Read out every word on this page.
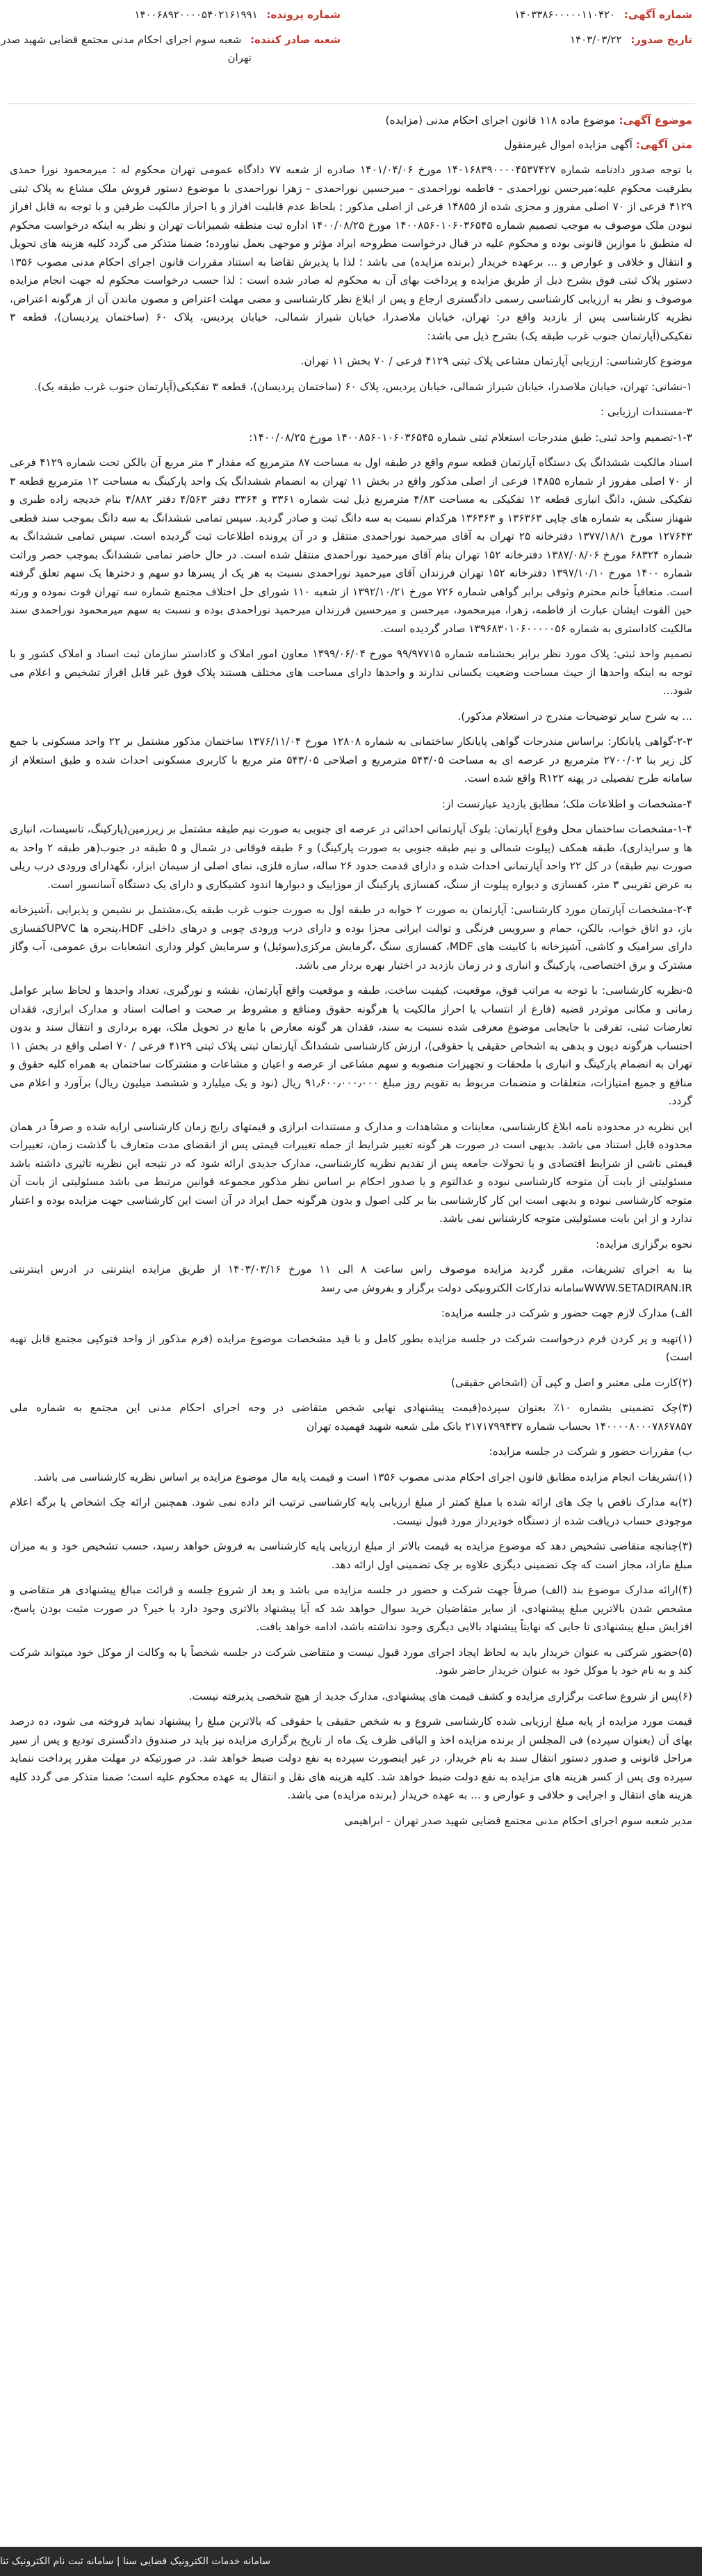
شماره آگهی: ۱۴۰۳۳۸۶۰۰۰۰۰۱۱۰۴۲۰
شماره پرونده: ۱۴۰۰۶۸۹۲۰۰۰۰۵۴۰۲۱۶۱۹۹۱
تاریخ صدور: ۱۴۰۳/۰۳/۲۲
شعبه صادر کننده: شعبه سوم اجرای احکام مدنی مجتمع قضایی شهید صدر
تهران

موضوع آگهی: موضوع ماده ۱۱۸ قانون اجرای احکام مدنی (مزایده)

متن آگهی: آگهی مزایده اموال غیرمنقول

با توجه صدور دادنامه شماره ۱۴۰۱۶۸۳۹۰۰۰۰۴۵۳۷۴۲۷ مورخ ۱۴۰۱/۰۴/۰۶ صادره از شعبه ۷۷ دادگاه عمومی تهران محکوم له : میرمحمود نورا حمدی بطرفیت محکوم علیه:میرحسن نوراحمدی - فاطمه نوراحمدی - میرحسین نوراحمدی - زهرا نوراحمدی با موضوع دستور فروش ملک مشاع به پلاک ثبتی ۴۱۲۹ فرعی از ۷۰ اصلی مفروز و مجزی شده از ۱۴۸۵۵ فرعی از اصلی مذکور ; بلحاظ عدم قابلیت افراز و یا احراز مالکیت طرفین و با توجه به قابل افراز نبودن ملک موصوف به موجب تصمیم شماره ۱۴۰۰۸۵۶۰۱۰۶۰۳۶۵۴۵ مورخ ۱۴۰۰/۰۸/۲۵ اداره ثبت منطقه شمیرانات تهران و نظر به اینکه درخواست محکوم له منطبق با موازین قانونی بوده و محکوم علیه در قبال درخواست مطروحه ایراد مؤثر و موجهی بعمل نیاورده؛ ضمنا متذکر می گردد کلیه هزینه های تحویل و انتقال و خلافی و عوارض و ... برعهده خریدار (برنده مزایده) می باشد ؛ لذا با پذیرش تقاضا به استناد مقررات قانون اجرای احکام مدنی مصوب ۱۳۵۶ دستور پلاک ثبتی فوق بشرح ذیل از طریق مزایده و پرداخت بهای آن به محکوم له صادر شده است : لذا حسب درخواست محکوم له جهت انجام مزایده موصوف و نظر به ارزیابی کارشناسی رسمی دادگستری ارجاع و پس از ابلاغ نظر کارشناسی و مضی مهلت اعتراض و مصون ماندن آن از هرگونه اعتراض، نظریه کارشناسی پس از بازدید واقع در: تهران، خیابان ملاصدرا، خیابان شیراز شمالی، خیابان پردیس، پلاک ۶۰ (ساختمان پردیسان)، قطعه ۳ تفکیکی(آپارتمان جنوب غرب طبقه یک) بشرح ذیل می باشد:

موضوع کارشناسی: ارزیابی آپارتمان مشاعی پلاک ثبتی ۴۱۲۹ فرعی / ۷۰ بخش ۱۱ تهران.

۱-نشانی: تهران، خیابان ملاصدرا، خیابان شیراز شمالی، خیابان پردیس، پلاک ۶۰ (ساختمان پردیسان)، قطعه ۳ تفکیکی(آپارتمان جنوب غرب طبقه یک).

۳-مستندات ارزیابی :

۱-۳-تصمیم واحد ثبتی: طبق مندرجات استعلام ثبتی شماره ۱۴۰۰۸۵۶۰۱۰۶۰۳۶۵۴۵ مورخ ۱۴۰۰/۰۸/۲۵:

اسناد مالکیت ششدانگ یک دستگاه آپارتمان قطعه سوم واقع در طبقه اول به مساحت ۸۷ مترمربع که مقدار ۳ متر مربع آن بالکن تحت شماره ۴۱۲۹ فرعی از ۷۰ اصلی مفروز از شماره ۱۴۸۵۵ فرعی از اصلی مذکور واقع در بخش ۱۱ تهران به انضمام ششدانگ یک واحد پارکینگ به مساحت ۱۲ مترمربع قطعه ۳ تفکیکی شش، دانگ انباری قطعه ۱۲ تفکیکی به مساحت ۴/۸۳ مترمربع ذیل ثبت شماره ۳۳۶۱ و ۳۳۶۴ دفتر ۴/۵۶۳ دفتر ۴/۸۸۲ بنام خدیجه زاده طبری و شهناز سنگی به شماره های چاپی ۱۳۶۳۶۳ و ۱۳۶۳۶۳ هرکدام نسبت به سه دانگ ثبت و صادر گردید. سپس تمامی ششدانگ به سه دانگ بموجب سند قطعی ۱۲۷۶۴۳ مورخ ۱۳۷۷/۱۸/۱ دفترخانه ۲۵ تهران به آقای میرحمید نوراحمدی منتقل و در آن پرونده اطلاعات ثبت گردیده است. سپس تمامی ششدانگ به شماره ۶۸۳۲۴ مورخ ۱۳۸۷/۰۸/۰۶ دفترخانه ۱۵۲ تهران بنام آقای میرحمید نوراحمدی منتقل شده است. در حال حاضر تمامی ششدانگ بموجب حصر وراثت شماره ۱۴۰۰ مورخ ۱۳۹۷/۱۰/۱۰ دفترخانه ۱۵۲ تهران فرزندان آقای میرحمید نوراحمدی نسبت به هر یک از پسرها دو سهم و دخترها یک سهم تعلق گرفته است. متعاقباً خانم محترم وثوقی برابر گواهی شماره ۷۲۶ مورخ ۱۳۹۲/۱۰/۲۱ از شعبه ۱۱۰ شورای حل اختلاف مجتمع شماره سه تهران فوت نموده و ورثه حین الفوت ایشان عبارت از فاطمه، زهرا، میرمحمود، میرحسن و میرحسین فرزندان میرحمید نوراحمدی بوده و نسبت به سهم میرمحمود نوراحمدی سند مالکیت کاداستری به شماره ۱۳۹۶۸۳۰۱۰۶۰۰۰۰۰۵۶ صادر گردیده است.

تصمیم واحد ثبتی: پلاک مورد نظر برابر بخشنامه شماره ۹۹/۹۷۷۱۵ مورخ ۱۳۹۹/۰۶/۰۴ معاون امور املاک و کاداستر سازمان ثبت اسناد و املاک کشور و با توجه به اینکه واحدها از حیث مساحت وضعیت یکسانی ندارند و واحدها دارای مساحت های مختلف هستند پلاک فوق غیر قابل افراز تشخیص و اعلام می شود...

... به شرح سایر توضیحات مندرج در استعلام مذکور).

۲-۳-گواهی پایانکار: براساس مندرجات گواهی پایانکار ساختمانی به شماره ۱۲۸۰۸ مورخ ۱۳۷۶/۱۱/۰۴ ساختمان مذکور مشتمل بر ۲۲ واحد مسکونی با جمع کل زیر بنا ۲۷۰۰/۰۲ مترمربع در عرصه ای به مساحت ۵۴۳/۰۵ مترمربع و اصلاحی ۵۴۳/۰۵ متر مربع با کاربری مسکونی احداث شده و طبق استعلام از سامانه طرح تفصیلی در پهنه R۱۲۲ واقع شده است.

۴-مشخصات و اطلاعات ملک؛ مطابق بازدید عبارتست از:

۱-۴-مشخصات ساختمان محل وقوع آپارتمان: بلوک آپارتمانی احداثی در عرصه ای جنوبی به صورت نیم طبقه مشتمل بر زیرزمین(پارکینگ، تاسیسات، انباری ها و سرایداری)، طبقه همکف (پیلوت شمالی و نیم طبقه جنوبی به صورت پارکینگ) و ۶ طبقه فوقانی در شمال و ۵ طبقه در جنوب(هر طبقه ۲ واحد به صورت نیم طبقه) در کل ۲۲ واحد آپارتمانی احداث شده و دارای قدمت حدود ۲۶ ساله، سازه فلزی، نمای اصلی از سیمان ابزار، نگهدارای ورودی درب ریلی به عرض تقریبی ۳ متر، کفسازی و دیواره پیلوت از سنگ، کفسازی پارکینگ از موزاییک و دیوارها اندود کشیکاری و دارای یک دستگاه آسانسور است.

۲-۴-مشخصات آپارتمان مورد کارشناسی: آپارتمان به صورت ۲ خوابه در طبقه اول به صورت جنوب غرب طبقه یک،مشتمل بر نشیمن و پذیرایی ،آشپزخانه باز، دو اتاق خواب، بالکن، حمام و سرویس فرنگی و توالت ایرانی مجزا بوده و دارای درب ورودی چوبی و درهای داخلی HDF،پنجره ها UPVCکفسازی دارای سرامیک و کاشی، آشپزخانه با کابینت های MDF، کفسازی سنگ ،گرمایش مرکزی(سوئیل) و سرمایش کولر وداری انشعابات برق عمومی، آب وگاز مشترک و برق اختصاصی، پارکینگ و انباری و در زمان بازدید در اختیار بهره بردار می باشد.

۵-نظریه کارشناسی: با توجه به مراتب فوق، موقعیت، کیفیت ساخت، طبقه و موقعیت واقع آپارتمان، نقشه و نورگیری، تعداد واحدها و لحاظ سایر عوامل زمانی و مکانی موثردر قضیه (فارغ از انتساب یا احراز مالکیت یا هرگونه حقوق ومنافع و مشروط بر صحت و اصالت اسناد و مدارک ابرازی، فقدان تعارضات ثبتی، تفرقی با جایجابی موضوع معرفی شده نسبت به سند، فقدان هر گونه معارض با مانع در تحویل ملک، بهره برداری و انتقال سند و بدون احتساب هرگونه دیون و بدهی به اشخاص حقیقی یا حقوقی)، ارزش کارشناسی ششدانگ آپارتمان ثبتی پلاک ثبتی ۴۱۲۹ فرعی / ۷۰ اصلی واقع در بخش ۱۱ تهران به انضمام پارکینگ و انباری با ملحقات و تجهیزات منصوبه و سهم مشاعی از عرصه و اعیان و مشاعات و مشترکات ساختمان به همراه کلیه حقوق و منافع و جمیع امتیازات، متعلقات و منضمات مربوط به تقویم روز مبلغ ۹۱٫۶۰۰٫۰۰۰٫۰۰۰ ریال (نود و یک میلیارد و ششصد میلیون ریال) برآورد و اعلام می گردد.

این نظریه در محدوده نامه ابلاغ کارشناسی، معاینات و مشاهدات و مدارک و مستندات ابرازی و قیمتهای رایج زمان کارشناسی ارایه شده و صرفاً در همان محدوده قابل استناد می باشد. بدیهی است در صورت هر گونه تغییر شرایط از جمله تغییرات قیمتی پس از انقضای مدت متعارف با گذشت زمان، تغییرات قیمتی ناشی از شرایط اقتصادی و یا تحولات جامعه پس از تقدیم نظریه کارشناسی، مدارک جدیدی ارائه شود که در نتیجه این نظریه تاثیری داشته باشد مسئولیتی از بابت آن متوجه کارشناسی نبوده و عدالتوم و یا صدور احکام بر اساس نظر مذکور مجموعه قوانین مرتبط می باشد مسئولیتی از بابت آن متوجه کارشناسی نبوده و بدیهی است این کار کارشناسی بنا بر کلی اصول و بدون هرگونه حمل ایراد در آن است این کارشناسی جهت مزایده بوده و اعتبار ندارد و از این بابت مسئولیتی متوجه کارشناس نمی باشد.

نحوه برگزاری مزایده:

بنا به اجرای تشریفات، مقرر گردید مزایده موصوف راس ساعت ۸ الی ۱۱ مورخ ۱۴۰۳/۰۳/۱۶ از طریق مزایده اینترنتی در ادرس اینترنتی WWW.SETADIRAN.IRسامانه تدارکات الکترونیکی دولت برگزار و بفروش می رسد

الف) مدارک لازم جهت حضور و شرکت در جلسه مزایده:

(۱)تهیه و پر کردن فرم درخواست شرکت در جلسه مزایده بطور کامل و با قید مشخصات موضوع مزایده (فرم مذکور از واحد فتوکپی مجتمع قابل تهیه است)

(۲)کارت ملی معتبر و اصل و کپی آن (اشخاص حقیقی)

(۳)چک تضمینی بشماره ۱۰٪ بعنوان سپرده(قیمت پیشنهادی نهایی شخص متقاضی در وجه اجرای احکام مدنی این مجتمع به شماره ملی ۱۴۰۰۰۰۸۰۰۰۷۸۶۷۸۵۷ بحساب شماره ۲۱۷۱۷۹۹۴۳۷ بانک ملی شعبه شهید فهمیده تهران

ب) مقررات حضور و شرکت در جلسه مزایده:

(۱)تشریفات انجام مزایده مطابق قانون اجرای احکام مدنی مصوب ۱۳۵۶ است و قیمت پایه مال موضوع مزایده بر اساس نظریه کارشناسی می باشد.

(۲)به مدارک ناقص یا چک های ارائه شده با مبلغ کمتر از مبلغ ارزیابی پایه کارشناسی ترتیب اثر داده نمی شود. همچنین ارائه چک اشخاص یا برگه اعلام موجودی حساب دریافت شده از دستگاه خودپرداز مورد قبول نیست.

(۳)چنانچه متقاضی تشخیص دهد که موضوع مزایده به قیمت بالاتر از مبلغ ارزیابی پایه کارشناسی به فروش خواهد رسید، حسب تشخیص خود و به میزان مبلغ مازاد، مجاز است که چک تضمینی دیگری علاوه بر چک تضمینی اول ارائه دهد.

(۴)ارائه مدارک موضوع بند (الف) صرفاً جهت شرکت و حضور در جلسه مزایده می باشد و بعد از شروع جلسه و قرائت مبالغ پیشنهادی هر متقاضی و مشخص شدن بالاترین مبلغ پیشنهادی، از سایر متقاضیان خرید سوال خواهد شد که آیا پیشنهاد بالاتری وجود دارد یا خیر؟ در صورت مثبت بودن پاسخ، افزایش مبلغ پیشنهادی تا جایی که نهایتاً پیشنهاد بالایی دیگری وجود نداشته باشد، ادامه خواهد یافت.

(۵)حضور شرکتی به عنوان خریدار باید به لحاظ ایجاد اجرای مورد قبول نیست و متقاضی شرکت در جلسه شخصاً یا به وکالت از موکل خود میتواند شرکت کند و به نام خود یا موکل خود به عنوان خریدار حاضر شود.

(۶)پس از شروع ساعت برگزاری مزایده و کشف قیمت های پیشنهادی، مدارک جدید از هیچ شخصی پذیرفته نیست.

قیمت مورد مزایده از پایه مبلغ ارزیابی شده کارشناسی شروع و به شخص حقیقی یا حقوقی که بالاترین مبلغ را پیشنهاد نماید فروخته می شود، ده درصد بهای آن (بعنوان سپرده) فی المجلس از برنده مزایده اخذ و الباقی ظرف یک ماه از تاریخ برگزاری مزایده نیز باید در صندوق دادگستری تودیع و پس از سیر مراحل قانونی و صدور دستور انتقال سند به نام خریدار، در غیر اینصورت سپرده به نفع دولت ضبط خواهد شد. در صورتیکه در مهلت مقرر پرداخت ننماید سپرده وی پس از کسر هزینه های مزایده به نفع دولت ضبط خواهد شد. کلیه هزینه های نقل و انتقال به عهده محکوم علیه است؛ ضمنا متذکر می گردد کلیه هزینه های انتقال و اجرایی و خلافی و عوارض و ... به عهده خریدار (برنده مزایده) می باشد.

مدیر شعبه سوم اجرای احکام مدنی مجتمع قضایی شهید صدر تهران - ابراهیمی

سامانه خدمات الکترونیک قضایی سنا | سامانه ثبت نام الکترونیک ثنا
